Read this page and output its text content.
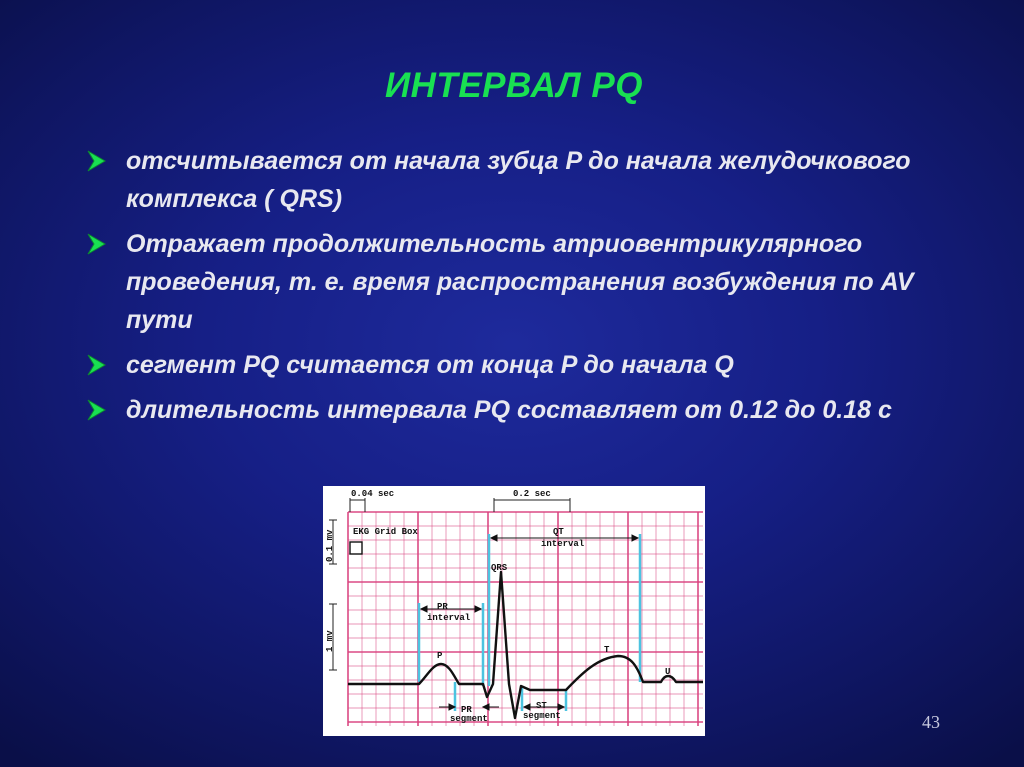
ИНТЕРВАЛ PQ
отсчитывается от начала зубца P до начала желудочкового комплекса ( QRS)
Отражает продолжительность атриовентрикулярного проведения, т. е. время распространения возбуждения по AV пути
сегмент PQ считается от конца P до начала Q
длительность интервала PQ составляет от 0.12 до 0.18 с
0.04 sec	0.2 sec
EKG Grid Box	QT
interval
PR
interval
QRS
P
T
U
PR
segment
ST
segment
0.1 mv
1 mv
43
